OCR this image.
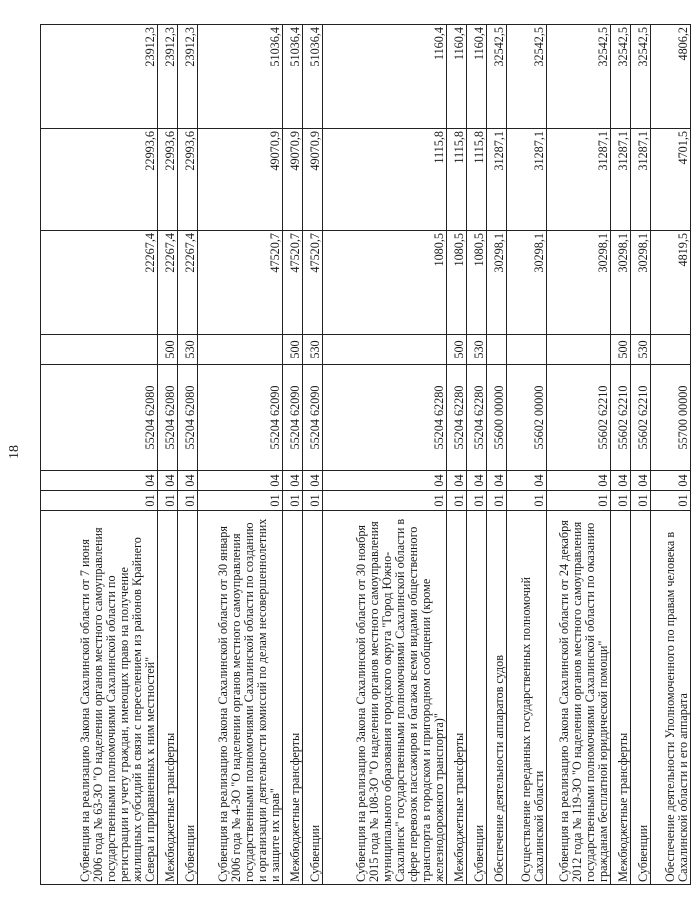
18
Субвенция на реализацию Закона Сахалинской области от 7 июня 2006 года № 63-ЗО "О наделении органов местного самоуправления государственными полномочиями Сахалинской области по регистрации и учету граждан, имеющих право на получение жилищных субсидий в связи с переселением из районов Крайнего Севера и приравненных к ним местностей"	01	04	55204 62080		22267,4	22993,6	23912,3
Межбюджетные трансферты	01	04	55204 62080	500	22267,4	22993,6	23912,3
Субвенции	01	04	55204 62080	530	22267,4	22993,6	23912,3
Субвенция на реализацию Закона Сахалинской области от 30 января 2006 года № 4-ЗО "О наделении органов местного самоуправления государственными полномочиями Сахалинской области по созданию и организации деятельности комиссий по делам несовершеннолетних и защите их прав"	01	04	55204 62090		47520,7	49070,9	51036,4
Межбюджетные трансферты	01	04	55204 62090	500	47520,7	49070,9	51036,4
Субвенции	01	04	55204 62090	530	47520,7	49070,9	51036,4
Субвенция на реализацию Закона Сахалинской области от 30 ноября 2015 года № 108-ЗО "О наделении органов местного самоуправления муниципального образования городского округа "Город Южно-Сахалинск" государственными полномочиями Сахалинской области в сфере перевозок пассажиров и багажа всеми видами общественного транспорта в городском и пригородном сообщении (кроме железнодорожного транспорта)"	01	04	55204 62280		1080,5	1115,8	1160,4
Межбюджетные трансферты	01	04	55204 62280	500	1080,5	1115,8	1160,4
Субвенции	01	04	55204 62280	530	1080,5	1115,8	1160,4
Обеспечение деятельности аппаратов судов	01	04	55600 00000		30298,1	31287,1	32542,5
Осуществление переданных государственных полномочий Сахалинской области	01	04	55602 00000		30298,1	31287,1	32542,5
Субвенция на реализацию Закона Сахалинской области от 24 декабря 2012 года № 119-ЗО "О наделении органов местного самоуправления государственными полномочиями Сахалинской области по оказанию гражданам бесплатной юридической помощи"	01	04	55602 62210		30298,1	31287,1	32542,5
Межбюджетные трансферты	01	04	55602 62210	500	30298,1	31287,1	32542,5
Субвенции	01	04	55602 62210	530	30298,1	31287,1	32542,5
Обеспечение деятельности Уполномоченного по правам человека в Сахалинской области и его аппарата	01	04	55700 00000		4819,5	4701,5	4806,2
